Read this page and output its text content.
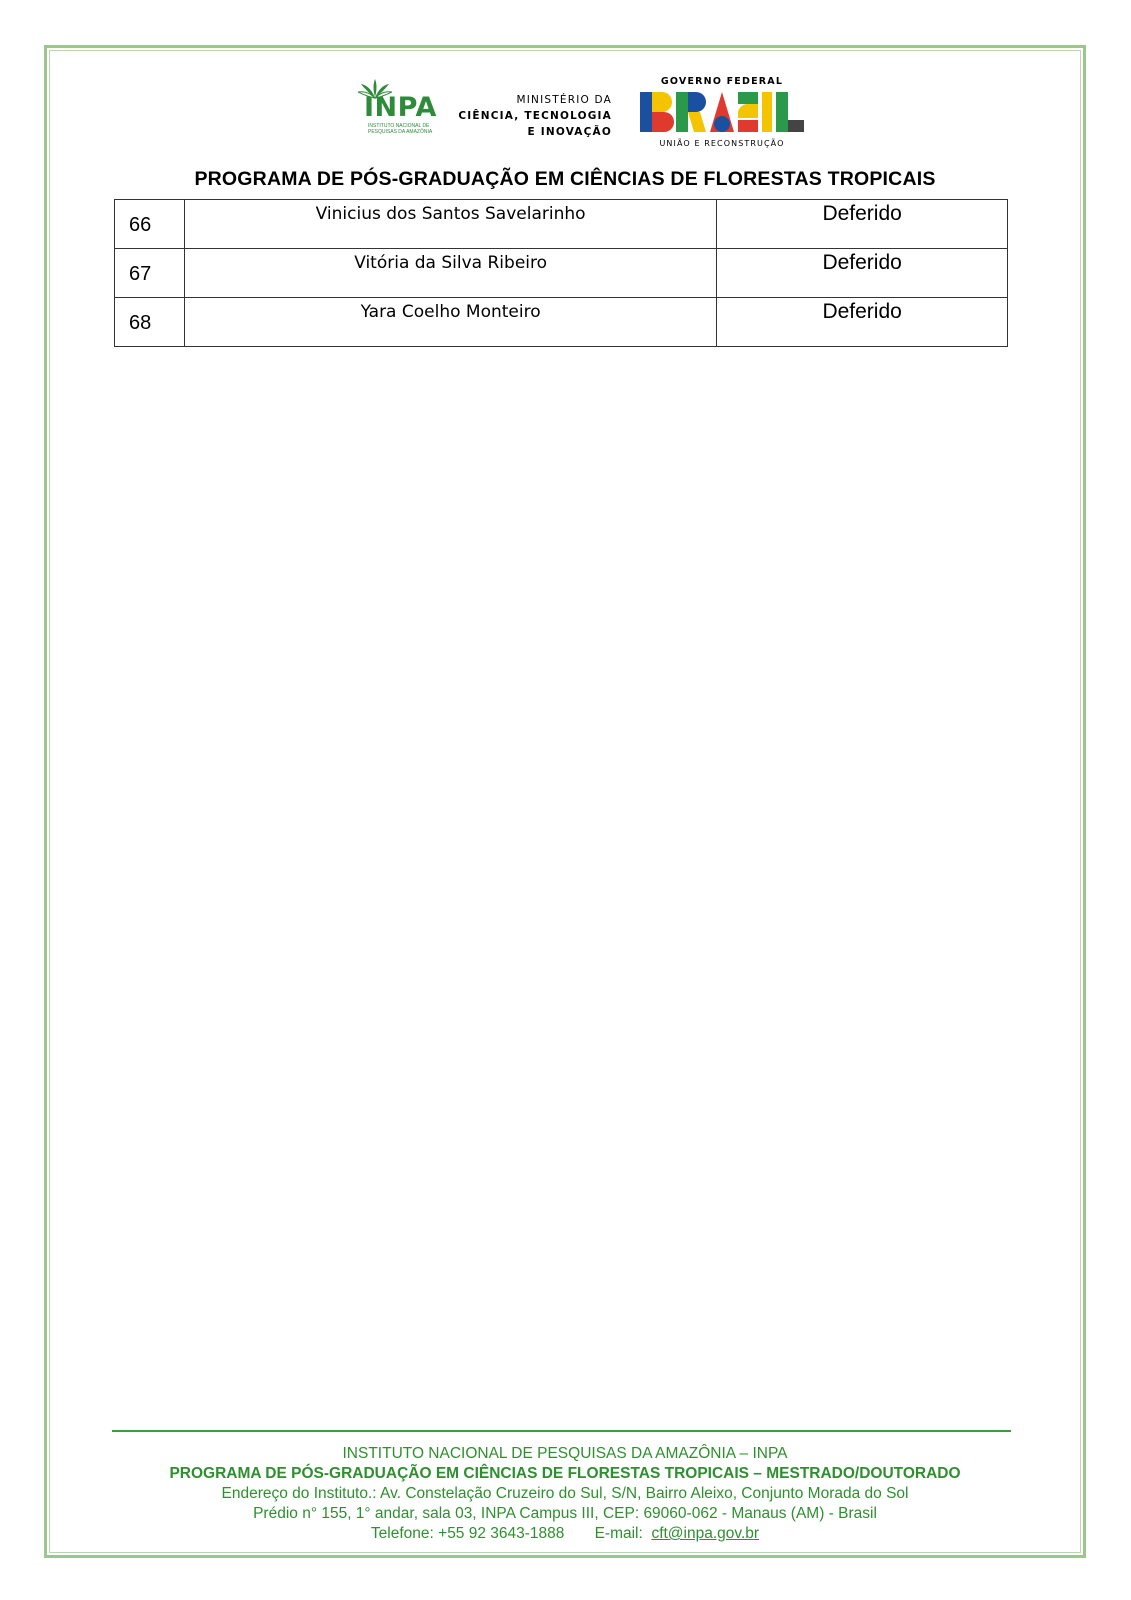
INPA
INSTITUTO NACIONAL DE PESQUISAS DA AMAZÔNIA
MINISTÉRIO DA
CIÊNCIA, TECNOLOGIA
E INOVAÇÃO
GOVERNO FEDERAL
UNIÃO E RECONSTRUÇÃO
PROGRAMA DE PÓS-GRADUAÇÃO EM CIÊNCIAS DE FLORESTAS TROPICAIS
66	Vinicius dos Santos Savelarinho	Deferido

67	Vitória da Silva Ribeiro	Deferido

68	Yara Coelho Monteiro	Deferido
INSTITUTO NACIONAL DE PESQUISAS DA AMAZÔNIA – INPA
PROGRAMA DE PÓS-GRADUAÇÃO EM CIÊNCIAS DE FLORESTAS TROPICAIS – MESTRADO/DOUTORADO
Endereço do Instituto.: Av. Constelação Cruzeiro do Sul, S/N, Bairro Aleixo, Conjunto Morada do Sol
Prédio n° 155, 1° andar, sala 03, INPA Campus III, CEP: 69060-062 - Manaus (AM) - Brasil
Telefone: +55 92 3643-1888 E-mail: cft@inpa.gov.br
